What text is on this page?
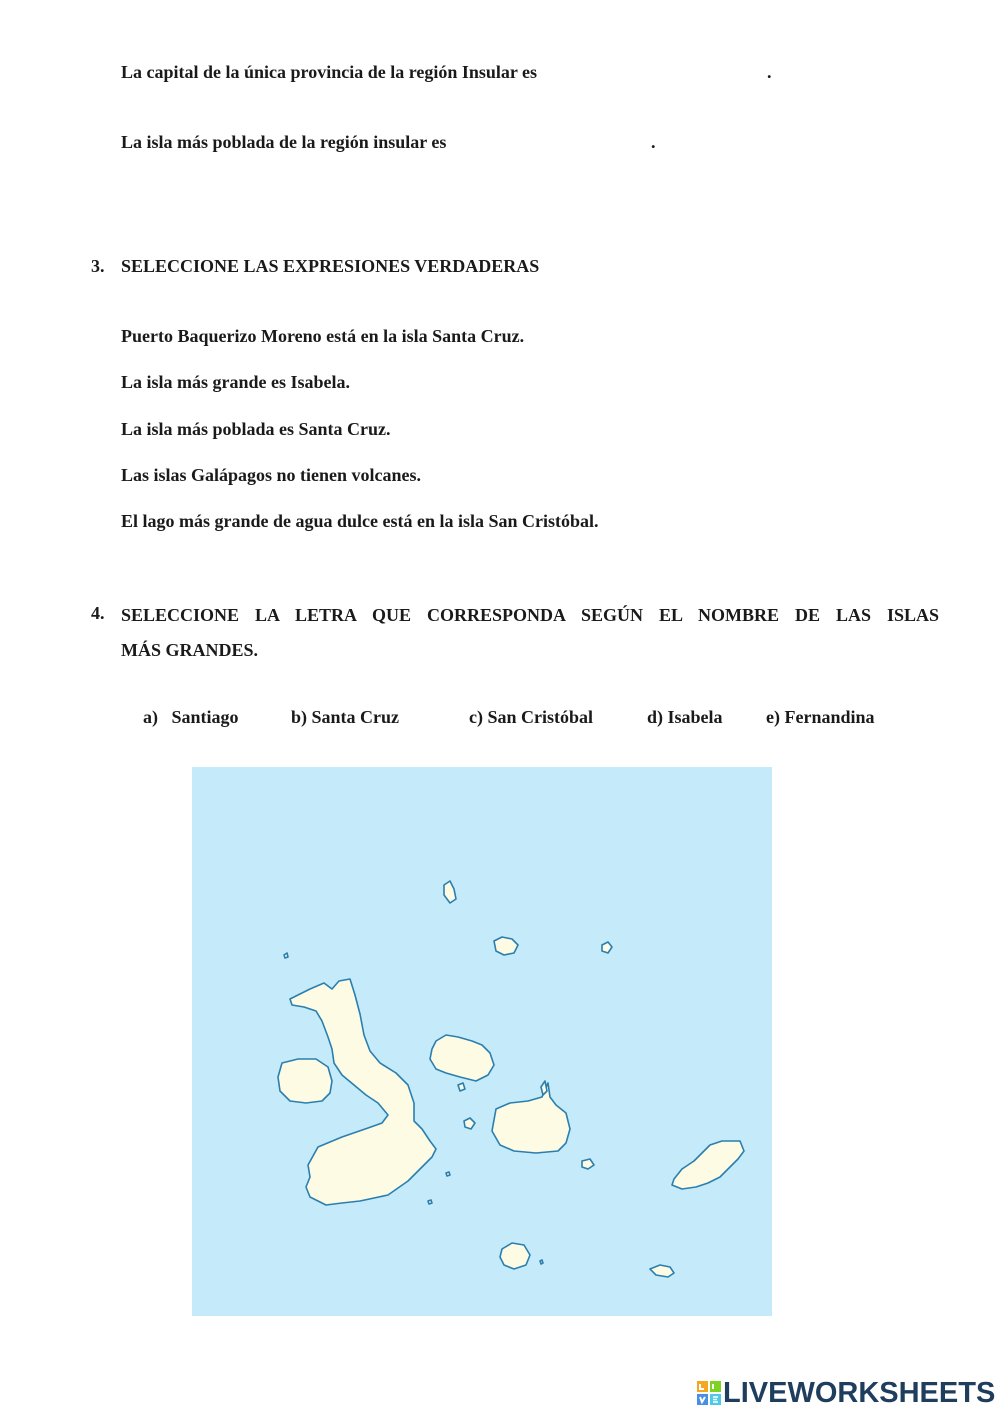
La capital de la única provincia de la región Insular es	.
La isla más poblada de la región insular es	.
3. SELECCIONE LAS EXPRESIONES VERDADERAS
Puerto Baquerizo Moreno está en la isla Santa Cruz.
La isla más grande es Isabela.
La isla más poblada es Santa Cruz.
Las islas Galápagos no tienen volcanes.
El lago más grande de agua dulce está en la isla San Cristóbal.
4. SELECCIONE LA LETRA QUE CORRESPONDA SEGÚN EL NOMBRE DE LAS ISLAS
MÁS GRANDES.
a) Santiago	b) Santa Cruz	c) San Cristóbal	d) Isabela e) Fernandina
LIVEWORKSHEETS
